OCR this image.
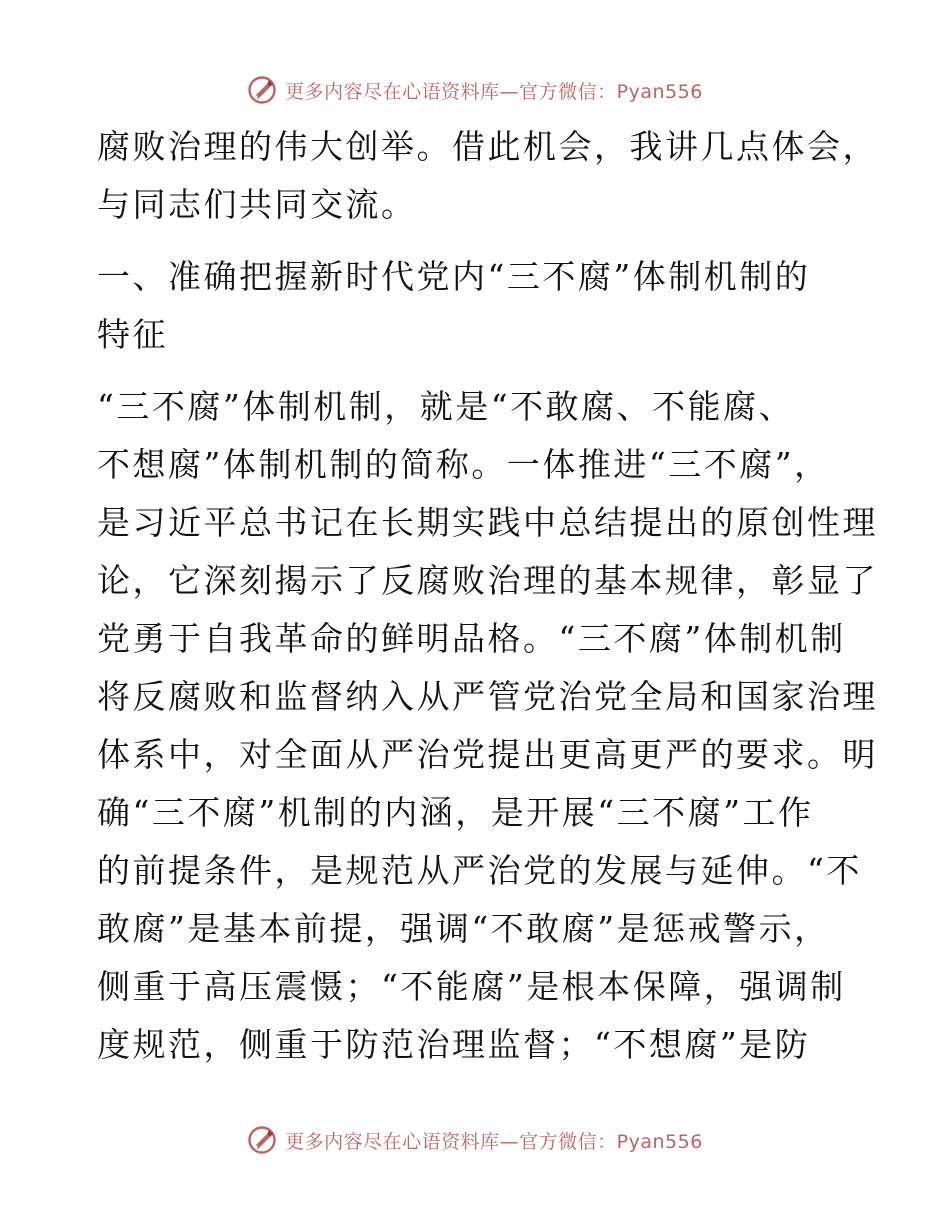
更多内容尽在心语资料库—官方微信：Pyan556
腐败治理的伟大创举。借此机会，我讲几点体会，
与同志们共同交流。
一、准确把握新时代党内“三不腐”体制机制的
特征
“三不腐”体制机制，就是“不敢腐、不能腐、
不想腐”体制机制的简称。一体推进“三不腐”，
是习近平总书记在长期实践中总结提出的原创性理
论，它深刻揭示了反腐败治理的基本规律，彰显了
党勇于自我革命的鲜明品格。“三不腐”体制机制
将反腐败和监督纳入从严管党治党全局和国家治理
体系中，对全面从严治党提出更高更严的要求。明
确“三不腐”机制的内涵，是开展“三不腐”工作
的前提条件，是规范从严治党的发展与延伸。“不
敢腐”是基本前提，强调“不敢腐”是惩戒警示，
侧重于高压震慑；“不能腐”是根本保障，强调制
度规范，侧重于防范治理监督；“不想腐”是防
更多内容尽在心语资料库—官方微信：Pyan556
